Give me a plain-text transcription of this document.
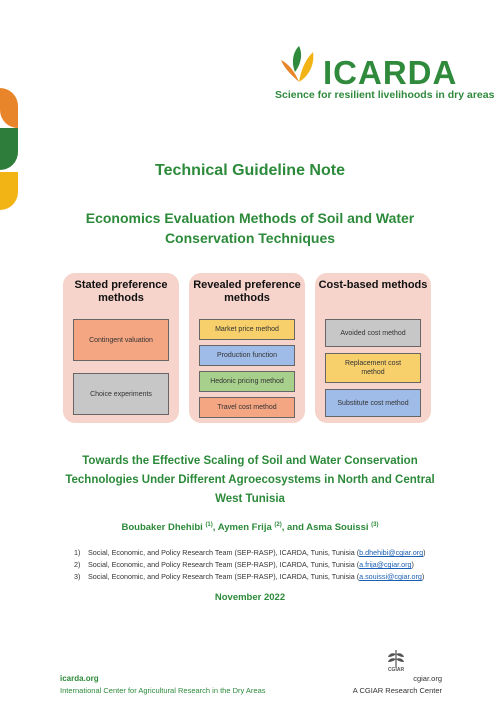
ICARDA
Science for resilient livelihoods in dry areas
Technical Guideline Note
Economics Evaluation Methods of Soil and Water Conservation Techniques
Stated preference methods
Contingent valuation
Choice experiments
Revealed preference methods
Market price method
Production function
Hedonic pricing method
Travel cost method
Cost-based methods
Avoided cost method
Replacement cost method
Substitute cost method
Towards the Effective Scaling of Soil and Water Conservation Technologies Under Different Agroecosystems in North and Central West Tunisia
Boubaker Dhehibi $^{(1)}$, Aymen Frija $^{(2)}$, and Asma Souissi $^{(3)}$
1) Social, Economic, and Policy Research Team (SEP-RASP), ICARDA, Tunis, Tunisia (b.dhehibi@cgiar.org)
2) Social, Economic, and Policy Research Team (SEP-RASP), ICARDA, Tunis, Tunisia (a.frija@cgiar.org)
3) Social, Economic, and Policy Research Team (SEP-RASP), ICARDA, Tunis, Tunisia (a.souissi@cgiar.org)
November 2022
CGIAR
icarda.org
International Center for Agricultural Research in the Dry Areas
cgiar.org
A CGIAR Research Center
